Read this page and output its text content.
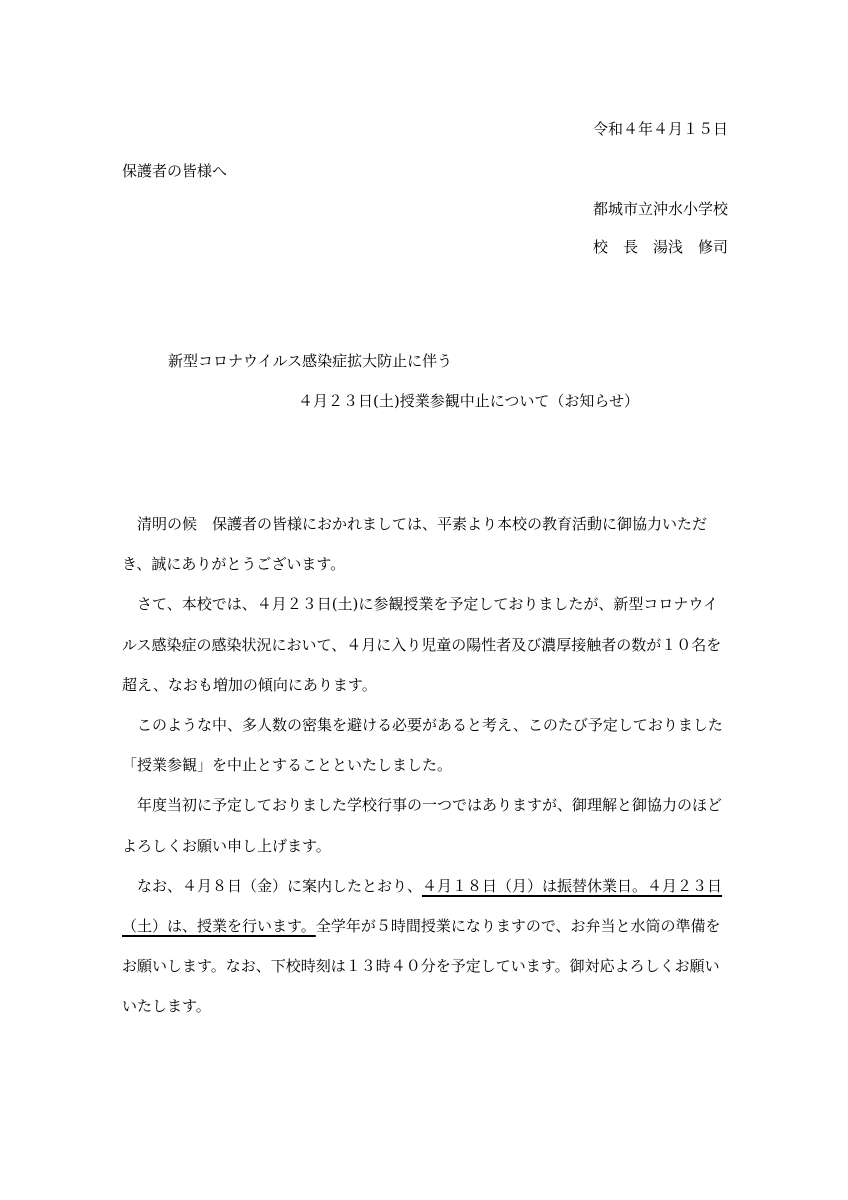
令和４年４月１５日
保護者の皆様へ
都城市立沖水小学校
校　長　湯浅　修司
新型コロナウイルス感染症拡大防止に伴う
４月２３日(土)授業参観中止について（お知らせ）

清明の候　保護者の皆様におかれましては、平素より本校の教育活動に御協力いただき、誠にありがとうございます。

さて、本校では、４月２３日(土)に参観授業を予定しておりましたが、新型コロナウイルス感染症の感染状況において、４月に入り児童の陽性者及び濃厚接触者の数が１０名を超え、なおも増加の傾向にあります。

このような中、多人数の密集を避ける必要があると考え、このたび予定しておりました「授業参観」を中止とすることといたしました。

年度当初に予定しておりました学校行事の一つではありますが、御理解と御協力のほどよろしくお願い申し上げます。

なお、４月８日（金）に案内したとおり、４月１８日（月）は振替休業日。４月２３日（土）は、授業を行います。全学年が５時間授業になりますので、お弁当と水筒の準備をお願いします。なお、下校時刻は１３時４０分を予定しています。御対応よろしくお願いいたします。
